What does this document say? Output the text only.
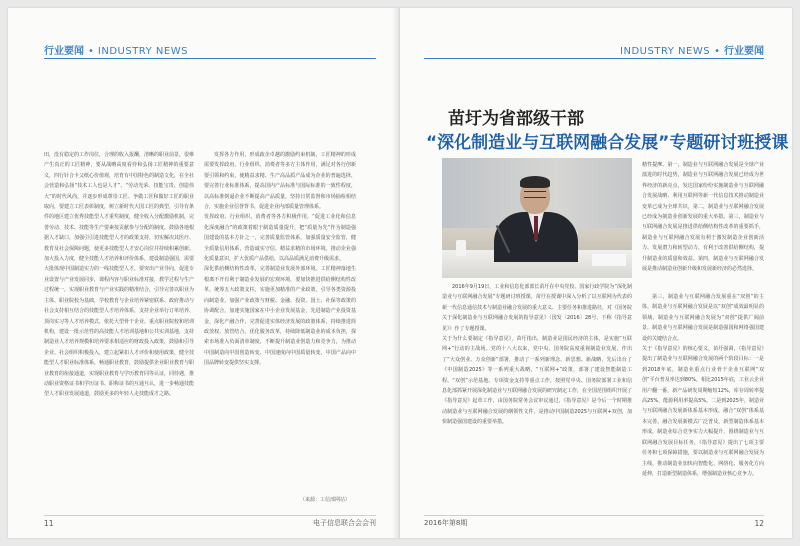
行业要闻 • INDUSTRY NEWS

田，没有稳定的工作岗位，合理的收入报酬，清晰的职业前景，很难产生真正的工匠精神，要从战略高度看待和弘扬工匠精神的重要意义，四行针合卡父纸心价值观，培育有中国特色的制造文化，在全社会营造和弘扬“技术工人也是人才”、“劳动光荣、技能宝贵、创造伟大”的时代风尚，并逐步形成尊崇工匠、争做工匠和做好工匠的职业取向，要建立工匠表彰制度，树立新时代大国工匠的典型，引导有条件的地区建立优秀技能型人才重奖制度，健全收入分配激励机制，完善劳动、技术、技能等生产要素按贡献参与分配的制度，鼓励各地根据人才缺口，加强引引进技能型人才的政策支持，切实解决其医疗、教育及社会保障问题，使更多技能型人才安心岗位并持续积累创新。
加大投入力度，健全技能人才培养和评价体系，建设制造强国，需要大批体现中国制造实力的一线技能型人才，要突出产业导向，促进专业设置与产业发展同步，课程内容与职业标准对接，教学过程与生产过程统一，实现职业教育与产业实践的精准结合，引导完善以职业为主体、职业院校为基础，学校教育与企业培养紧密联系、政府推动与社会支持相互结合的技能型人才培养体系，支持企业举行订单培养、顶岗实习等人才培养模式，依托大型骨干企业、重点职业院校和培训机构，建设一批示范性的高技能人才培训基地和公共实训基地，支持制造业人才培养规模和培养要求相适应的财政投入政策，鼓励和引导企业、社会组织积极投入，建立起紧扣人才评价和使用政策，健全技能型人才职业标准体系，畅通职业教育，鼓励提供企业职业教育与职业教育的衔接通道，实现职业教育与学历教育同等认证，同待遇，推动职业资格证书和学历证书、职称证书的互通互认，进一步畅通技能型人才职业发展通道，鼓励更多的年轻人走技能成才之路。

发挥各方作用，形成政企卓越的激励约束机制。工匠精神的形成需要发挥政府、行业组织、消费者等多方主体作用，满足对各行创新要引领和约束，使精益求精、生产高品质产品成为企业的普遍选择，要完善行业标准体系，提高国内产品标准与国际标准的一致性程度，以高标准倒逼企业不断提高产品质量，坚持日常监督和市场抽检相结合，实施企业信誉背书，促进企业内部质量管理体系。
发挥政府、行业组织、消费者等各方积极作用，“促进工业化和信息化深度融合”的政策着眼于制造质量提升，把“质量为先”作为制造强国建设的基本方针之一，完善质量监管体系，加强质量安全监管，健全质量信用体系，营造诚实守信、精益求精的市场环境，推动企业强化质量意识，扩大优质产品供给，以高品质满足消费升级需求。
深化供给侧结构性改革，完善制造业发展外部环境。工匠精神落地生根离不开有利于制造业发展的宏观环境，要加快推进供给侧结构性改革，统筹五大政策支柱，实施更加精准的产业政策，引导各类资源投向制造业，加强产业政策与财税、金融、投资、国土、社保等政策的协调配合，加速实施国家在中小企业发展基金，先进制造产业投资基金，深化产融合作，完善促进实体经济发展的政策体系，持续推进简政放权、放管结合、优化服务改革，持续降低制造业的成本负担，探索市场准入负面清单制度，不断提升制造业创造力和竞争力，为推动中国制造向中国创造转变、中国速度向中国质量转变、中国产品向中国品牌转变提供坚实支撑。

（来源：工信部网站）
11	电子信息联合会会刊
INDUSTRY NEWS • 行业要闻
苗圩为省部级干部
“深化制造业与互联网融合发展”专题研讨班授课

2016年9月19日，工业和信息化部部长苗圩在中央党校、国家行政学院为“深化制造业与互联网融合发展”专题研讨班授课，苗圩在授课中深入分析了以互联网为代表的新一代信息通信技术与制造业融合发展的重大意义、主要任务和推进路径，对《国务院关于深化制造业与互联网融合发展的指导意见》（国发〔2016〕28号，下称《指导意见》）作了专题授课。
关于为什么要制定《指导意见》，苗圩指出，制造业是国民经济的主体，是实施“互联网+”行动的主战场。党的十八大以来，党中央、国务院高度重视制造业发展，作出了“大众创业、万众创新”部署，推动了一系列新理念、新思想、新战略，先后出台了《中国制造2025》等一系列重大战略，“互联网+”政策，部署了建设智能制造工程、“双创”示范基地、专项资金支持等重点工作，按照党中央、国务院部署工业和信息化部抓紧开展深化制造业与互联网融合发展的研究制定工作，在全国范围组织开展了《指导意见》起草工作，由国务院常务会议审议通过，《指导意见》是今后一个时期推动制造业与互联网融合发展的纲领性文件，是推动中国制造2025与互联网+双创，加快制造强国建设的重要举措。

精性提摩、第一，制造业与互联网融合发展是全球产业演进的时代趋势，制造业与互联网融合发展已经成为世界经济的新亮点，发达国家纷纷实施制造业与互联网融合发展战略，利用互联网等新一代信息技术推动制造业变革已成为全球共识，第二，制造业与互联网融合发展已经成为制造业创新发展的重大举措。第三，制造业与互联网融合发展是推进供给侧结构性改革的重要抓手，制造业与互联网融合发展有利于激发制造企业创新活力、发展潜力和转型动力，有利于改善供给侧结构，提升制造业的质量和效益。第四，制造业与互联网融合发展是推动制造业创新升级和发展新经济的必然选择。

第三，制造业与互联网融合发展重在“双创”的主体，制造业与互联网融合发展是以“双创”成效最明显的领域，制造业与互联网融合发展为“双创”提供广阔前景，制造业与互联网融合发展是制造强国和网络强国建设的关键结合点。
关于《指导意见》的核心要义，苗圩强调，《指导意见》提出了制造业与互联网融合发展的两个阶段目标：一是到2018年底，制造业重点行业骨干企业互联网“双创”平台普及率达到80%，相比2015年底，工业云企业用户翻一番，新产品研发周期缩短12%，库存周转率提高25%，能源利用率提高5%。二是到2025年，制造业与互联网融合发展新体系基本形成，融合“双创”体系基本完善，融合发展新模式广泛普及，新型制造体系基本形成，制造业综合竞争实力大幅提升，围绕制造业与互联网融合发展目标任务，《指导意见》提出了七项主要任务和七项保障措施，要以制造业与互联网融合发展为主线，推动制造业加快向智能化、网络化、服务化方向延伸，打造新型制造体系，增强制造业核心竞争力。

2016年第8期	12
